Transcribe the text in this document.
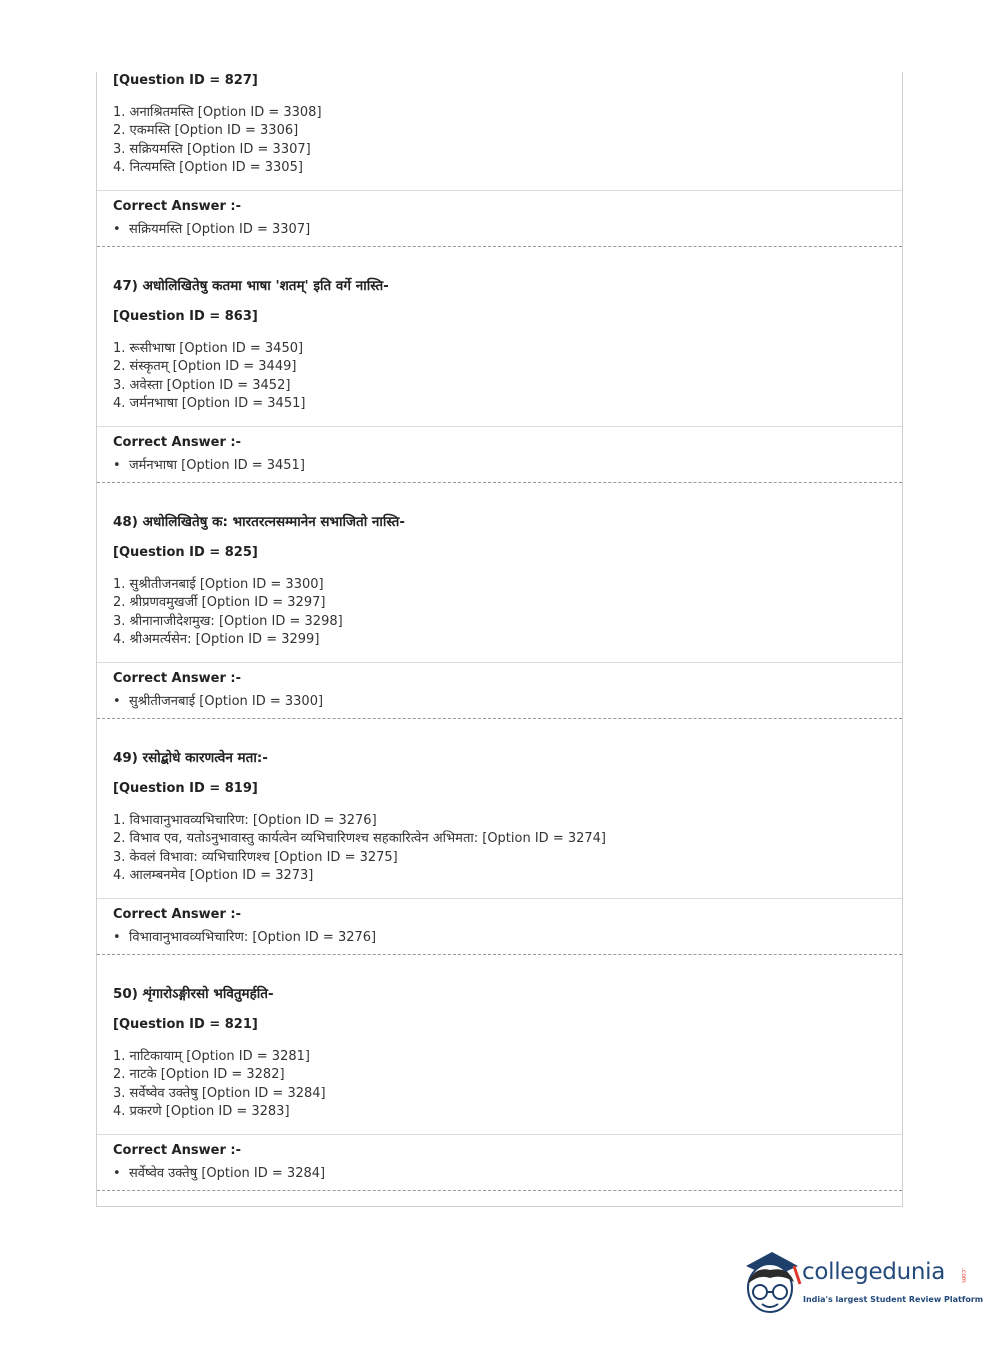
[Question ID = 827]
1. अनाश्रितमस्ति [Option ID = 3308]
2. एकमस्ति [Option ID = 3306]
3. सक्रियमस्ति [Option ID = 3307]
4. नित्यमस्ति [Option ID = 3305]
Correct Answer :-
• सक्रियमस्ति [Option ID = 3307]
47) अधोलिखितेषु कतमा भाषा 'शतम्' इति वर्गे नास्ति-
[Question ID = 863]
1. रूसीभाषा [Option ID = 3450]
2. संस्कृतम् [Option ID = 3449]
3. अवेस्ता [Option ID = 3452]
4. जर्मनभाषा [Option ID = 3451]
Correct Answer :-
• जर्मनभाषा [Option ID = 3451]
48) अधोलिखितेषु क: भारतरत्नसम्मानेन सभाजितो नास्ति-
[Question ID = 825]
1. सुश्रीतीजनबाई [Option ID = 3300]
2. श्रीप्रणवमुखर्जी [Option ID = 3297]
3. श्रीनानाजीदेशमुख: [Option ID = 3298]
4. श्रीअमर्त्यसेन: [Option ID = 3299]
Correct Answer :-
• सुश्रीतीजनबाई [Option ID = 3300]
49) रसोद्बोधे कारणत्वेन मता:-
[Question ID = 819]
1. विभावानुभावव्यभिचारिण: [Option ID = 3276]
2. विभाव एव, यतोऽनुभावास्तु कार्यत्वेन व्यभिचारिणश्च सहकारित्वेन अभिमता: [Option ID = 3274]
3. केवलं विभावा: व्यभिचारिणश्च [Option ID = 3275]
4. आलम्बनमेव [Option ID = 3273]
Correct Answer :-
• विभावानुभावव्यभिचारिण: [Option ID = 3276]
50) शृंगारोऽङ्गीरसो भवितुमर्हति-
[Question ID = 821]
1. नाटिकायाम् [Option ID = 3281]
2. नाटके [Option ID = 3282]
3. सर्वेष्वेव उक्तेषु [Option ID = 3284]
4. प्रकरणे [Option ID = 3283]
Correct Answer :-
• सर्वेष्वेव उक्तेषु [Option ID = 3284]
collegedunia .com
India's largest Student Review Platform
